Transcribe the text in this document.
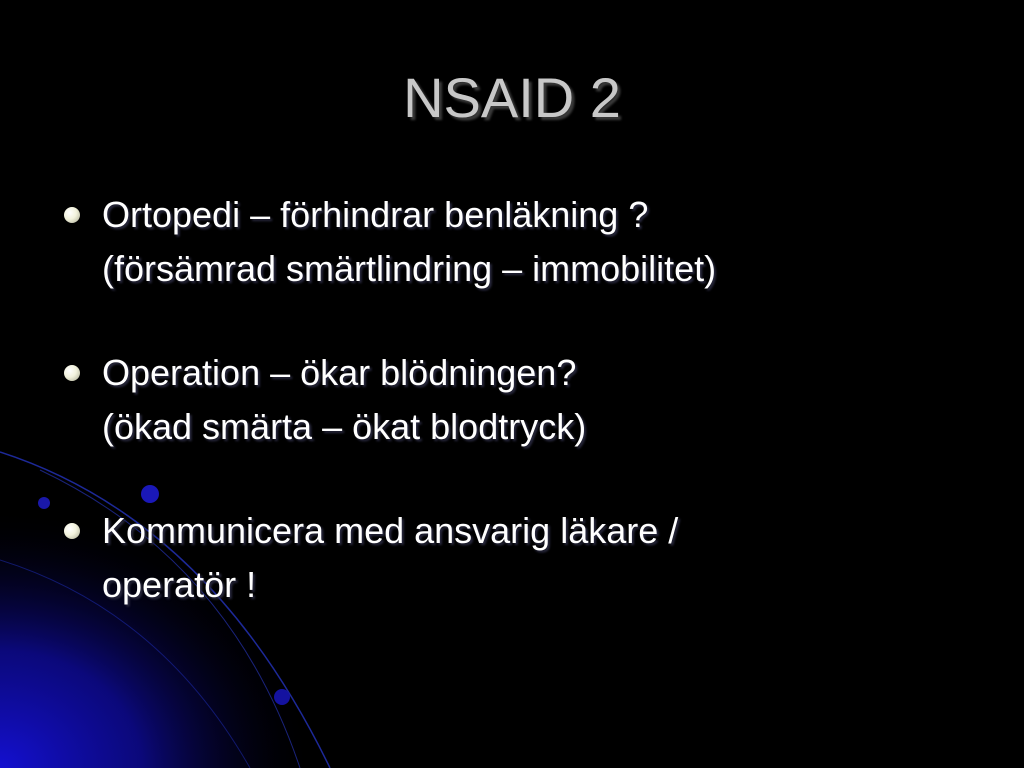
NSAID 2
Ortopedi – förhindrar benläkning ?
(försämrad smärtlindring – immobilitet)
Operation – ökar blödningen?
(ökad smärta – ökat blodtryck)
Kommunicera med ansvarig läkare /
operatör !
